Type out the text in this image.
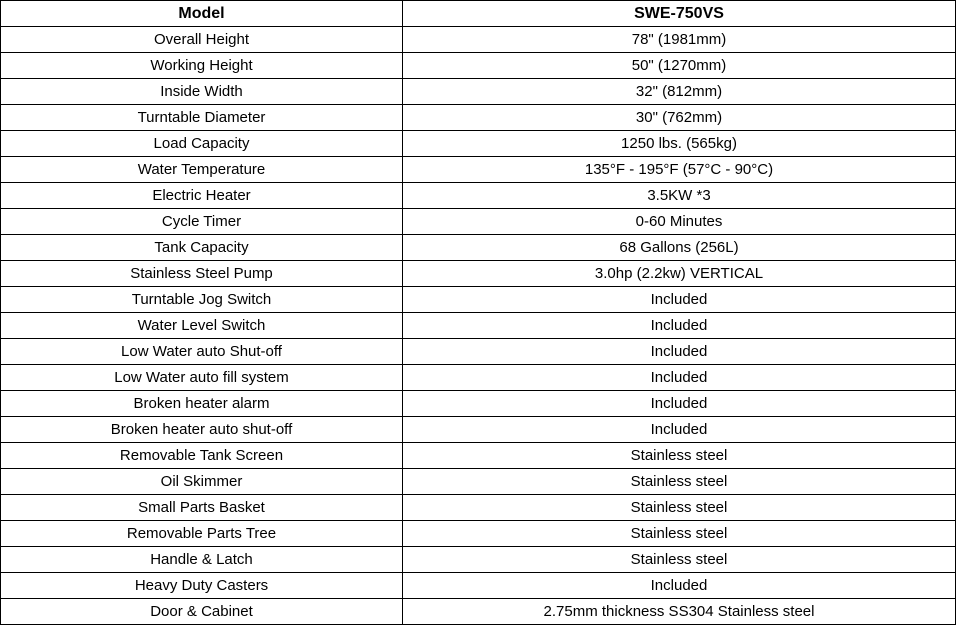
Model	SWE-750VS
Overall Height	78" (1981mm)
Working Height	50" (1270mm)
Inside Width	32" (812mm)
Turntable Diameter	30" (762mm)
Load Capacity	1250 lbs. (565kg)
Water Temperature	135°F - 195°F (57°C - 90°C)
Electric Heater	3.5KW *3
Cycle Timer	0-60 Minutes
Tank Capacity	68 Gallons (256L)
Stainless Steel Pump	3.0hp (2.2kw) VERTICAL
Turntable Jog Switch	Included
Water Level Switch	Included
Low Water auto Shut-off	Included
Low Water auto fill system	Included
Broken heater alarm	Included
Broken heater auto shut-off	Included
Removable Tank Screen	Stainless steel
Oil Skimmer	Stainless steel
Small Parts Basket	Stainless steel
Removable Parts Tree	Stainless steel
Handle & Latch	Stainless steel
Heavy Duty Casters	Included
Door & Cabinet	2.75mm thickness SS304 Stainless steel
